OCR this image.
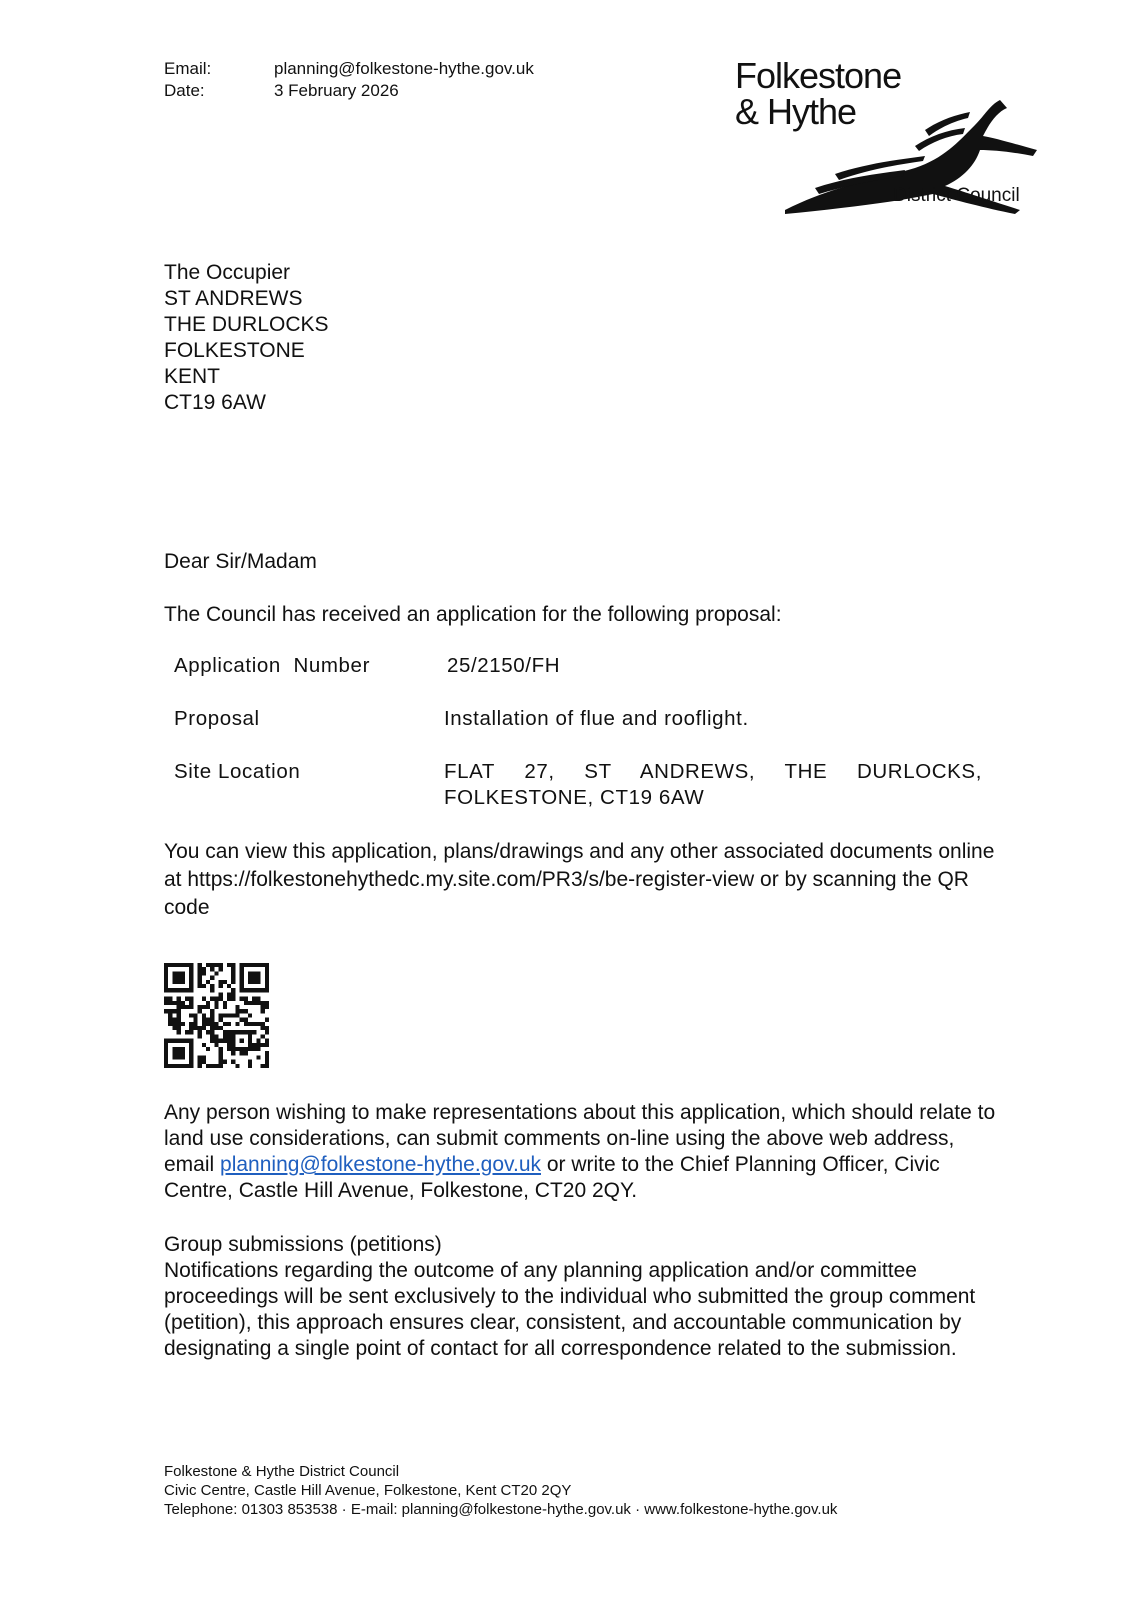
Email:	planning@folkestone-hythe.gov.uk
Date:	3 February 2026	Folkestone
& Hythe
District Council
The Occupier
ST ANDREWS
THE DURLOCKS
FOLKESTONE
KENT
CT19 6AW
Dear Sir/Madam
The Council has received an application for the following proposal:
Application  Number	25/2150/FH
Proposal	Installation of flue and rooflight.
Site Location	FLAT 27, ST ANDREWS, THE DURLOCKS, FOLKESTONE, CT19 6AW
You can view this application, plans/drawings and any other associated documents online at https://folkestonehythedc.my.site.com/PR3/s/be-register-view or by scanning the QR code
Any person wishing to make representations about this application, which should relate to land use considerations, can submit comments on-line using the above web address, email planning@folkestone-hythe.gov.uk or write to the Chief Planning Officer, Civic Centre, Castle Hill Avenue, Folkestone, CT20 2QY.
Group submissions (petitions)
Notifications regarding the outcome of any planning application and/or committee proceedings will be sent exclusively to the individual who submitted the group comment (petition), this approach ensures clear, consistent, and accountable communication by designating a single point of contact for all correspondence related to the submission.
Folkestone & Hythe District Council
Civic Centre, Castle Hill Avenue, Folkestone, Kent CT20 2QY
Telephone: 01303 853538 · E-mail: planning@folkestone-hythe.gov.uk · www.folkestone-hythe.gov.uk
